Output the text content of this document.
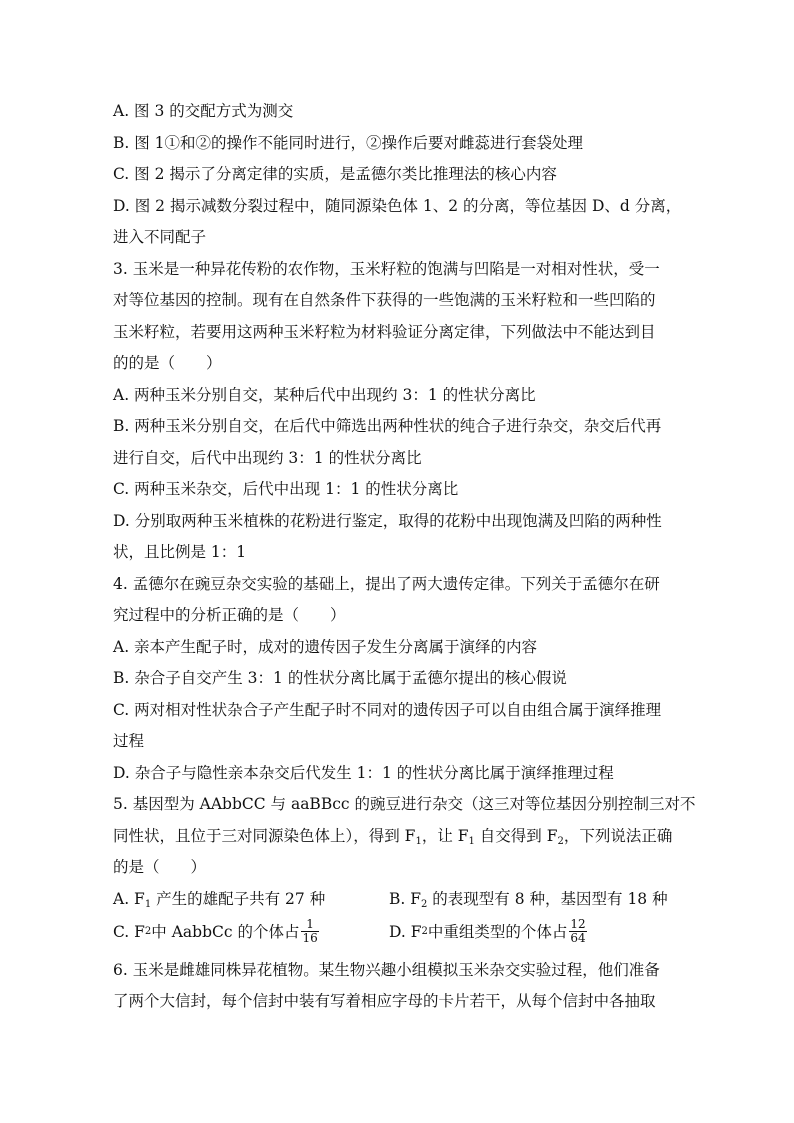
A. 图 3 的交配方式为测交
B. 图 1①和②的操作不能同时进行，②操作后要对雌蕊进行套袋处理
C. 图 2 揭示了分离定律的实质，是孟德尔类比推理法的核心内容
D. 图 2 揭示减数分裂过程中，随同源染色体 1、2 的分离，等位基因 D、d 分离，
进入不同配子
3. 玉米是一种异花传粉的农作物，玉米籽粒的饱满与凹陷是一对相对性状，受一
对等位基因的控制。现有在自然条件下获得的一些饱满的玉米籽粒和一些凹陷的
玉米籽粒，若要用这两种玉米籽粒为材料验证分离定律，下列做法中不能达到目
的的是（　　）
A. 两种玉米分别自交，某种后代中出现约 3：1 的性状分离比
B. 两种玉米分别自交，在后代中筛选出两种性状的纯合子进行杂交，杂交后代再
进行自交，后代中出现约 3：1 的性状分离比
C. 两种玉米杂交，后代中出现 1：1 的性状分离比
D. 分别取两种玉米植株的花粉进行鉴定，取得的花粉中出现饱满及凹陷的两种性
状，且比例是 1：1
4. 孟德尔在豌豆杂交实验的基础上，提出了两大遗传定律。下列关于孟德尔在研
究过程中的分析正确的是（　　）
A. 亲本产生配子时，成对的遗传因子发生分离属于演绎的内容
B. 杂合子自交产生 3：1 的性状分离比属于孟德尔提出的核心假说
C. 两对相对性状杂合子产生配子时不同对的遗传因子可以自由组合属于演绎推理
过程
D. 杂合子与隐性亲本杂交后代发生 1：1 的性状分离比属于演绎推理过程
5. 基因型为 AAbbCC 与 aaBBcc 的豌豆进行杂交（这三对等位基因分别控制三对不
同性状，且位于三对同源染色体上），得到 $F_1$，让 $F_1$ 自交得到 $F_2$，下列说法正确
的是（　　）
A. $F_1$ 产生的雄配子共有 27 种	B. $F_2$ 的表现型有 8 种，基因型有 18 种
C. F 2 中 AabbCc 的个体占 $\frac{1}{16}$	D. F 2 中重组类型的个体占 $\frac{12}{64}$
6. 玉米是雌雄同株异花植物。某生物兴趣小组模拟玉米杂交实验过程，他们准备
了两个大信封，每个信封中装有写着相应字母的卡片若干，从每个信封中各抽取
